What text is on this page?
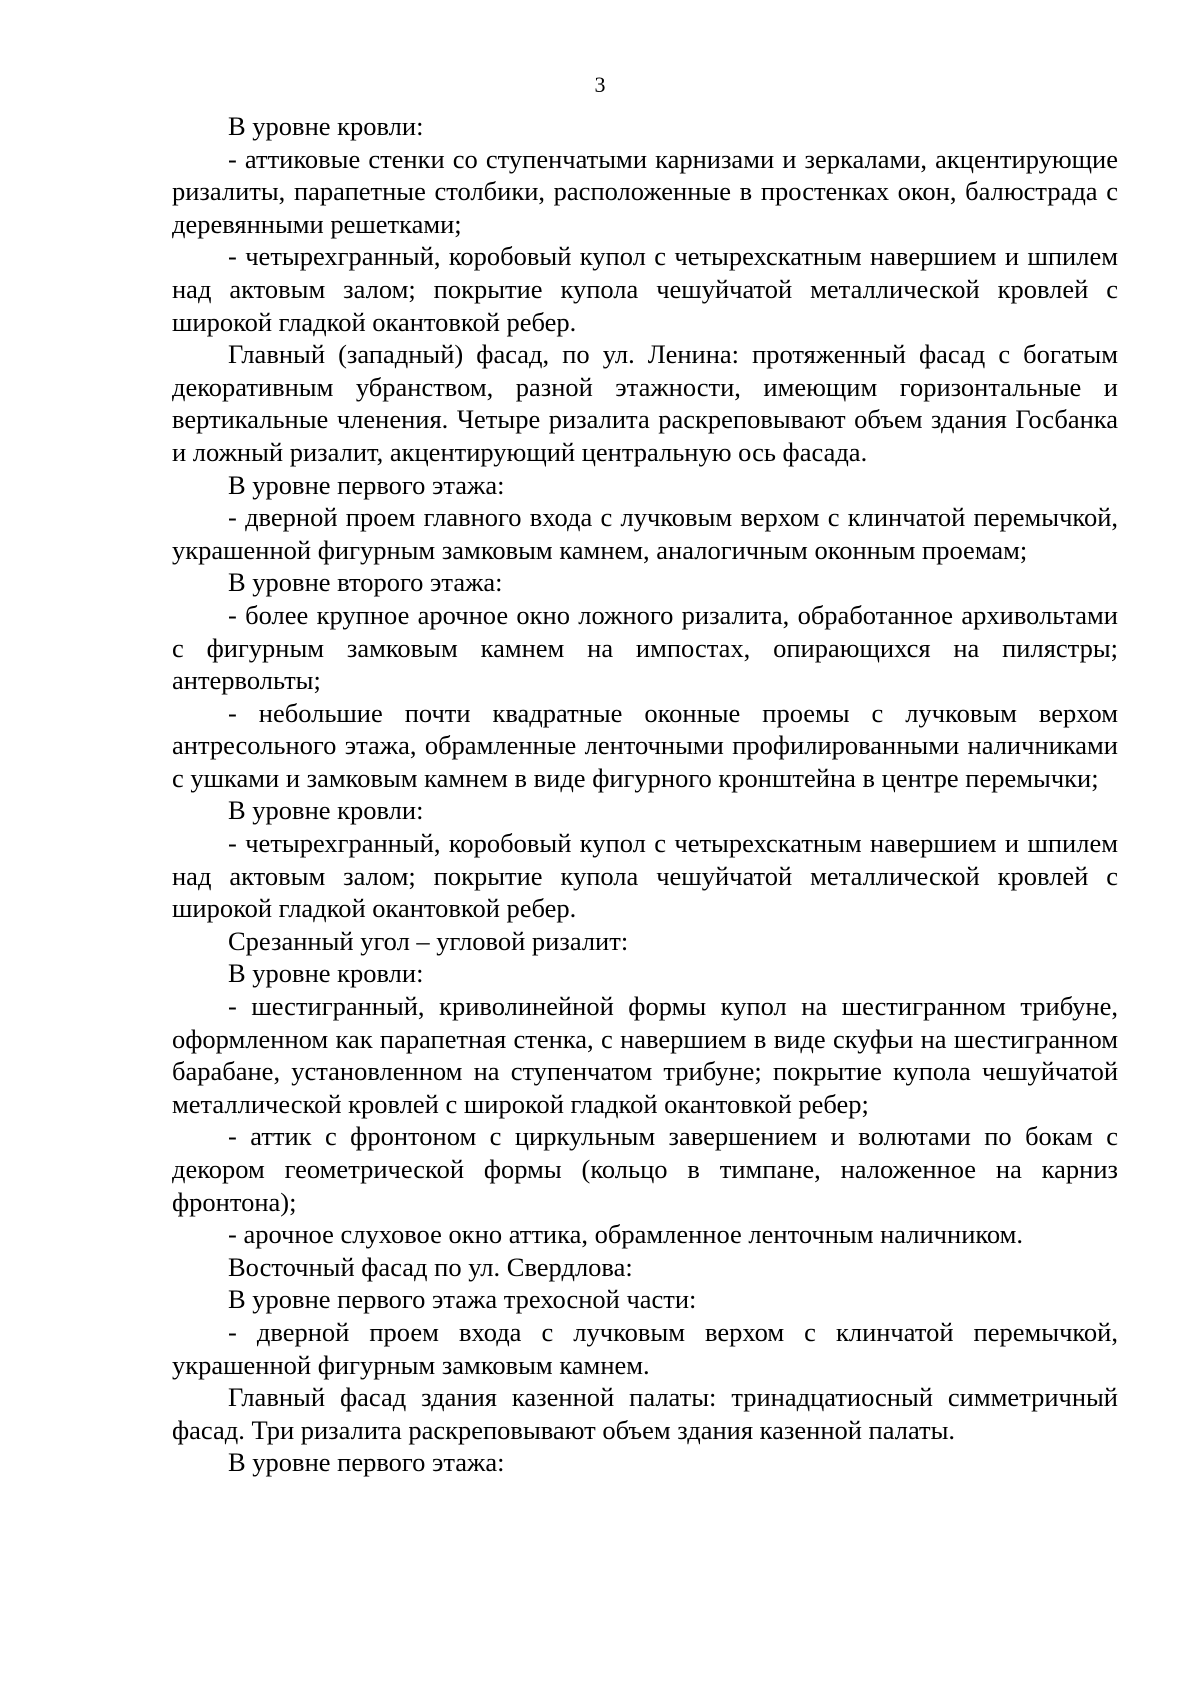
3

В уровне кровли:

- аттиковые стенки со ступенчатыми карнизами и зеркалами, акцентирующие ризалиты, парапетные столбики, расположенные в простенках окон, балюстрада с деревянными решетками;

- четырехгранный, коробовый купол с четырехскатным навершием и шпилем над актовым залом; покрытие купола чешуйчатой металлической кровлей с широкой гладкой окантовкой ребер.

Главный (западный) фасад, по ул. Ленина: протяженный фасад с богатым декоративным убранством, разной этажности, имеющим горизонтальные и вертикальные членения. Четыре ризалита раскреповывают объем здания Госбанка и ложный ризалит, акцентирующий центральную ось фасада.

В уровне первого этажа:

- дверной проем главного входа с лучковым верхом с клинчатой перемычкой, украшенной фигурным замковым камнем, аналогичным оконным проемам;

В уровне второго этажа:

- более крупное арочное окно ложного ризалита, обработанное архивольтами с фигурным замковым камнем на импостах, опирающихся на пилястры; антервольты;

- небольшие почти квадратные оконные проемы с лучковым верхом антресольного этажа, обрамленные ленточными профилированными наличниками с ушками и замковым камнем в виде фигурного кронштейна в центре перемычки;

В уровне кровли:

- четырехгранный, коробовый купол с четырехскатным навершием и шпилем над актовым залом; покрытие купола чешуйчатой металлической кровлей с широкой гладкой окантовкой ребер.

Срезанный угол – угловой ризалит:

В уровне кровли:

- шестигранный, криволинейной формы купол на шестигранном трибуне, оформленном как парапетная стенка, с навершием в виде скуфьи на шестигранном барабане, установленном на ступенчатом трибуне; покрытие купола чешуйчатой металлической кровлей с широкой гладкой окантовкой ребер;

- аттик с фронтоном с циркульным завершением и волютами по бокам с декором геометрической формы (кольцо в тимпане, наложенное на карниз фронтона);

- арочное слуховое окно аттика, обрамленное ленточным наличником.

Восточный фасад по ул. Свердлова:

В уровне первого этажа трехосной части:

- дверной проем входа с лучковым верхом с клинчатой перемычкой, украшенной фигурным замковым камнем.

Главный фасад здания казенной палаты: тринадцатиосный симметричный фасад. Три ризалита раскреповывают объем здания казенной палаты.

В уровне первого этажа:
